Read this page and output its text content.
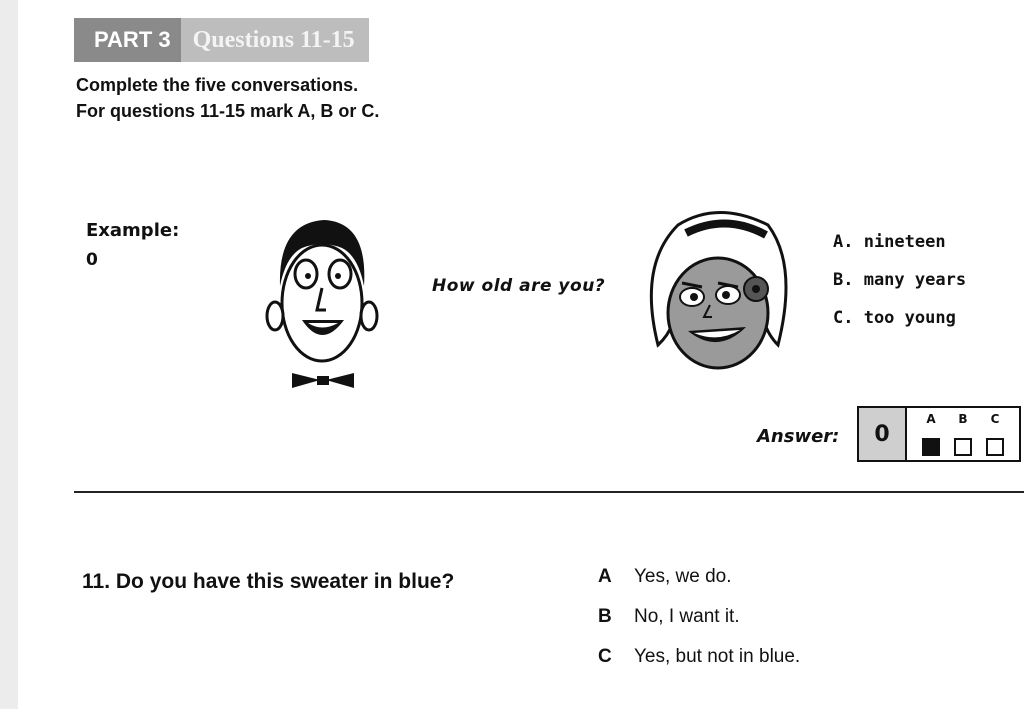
PART 3 Questions 11-15
Complete the five conversations.
For questions 11-15 mark A, B or C.
Example:
0
How old are you?
A. nineteen
B. many years
C. too young
Answer:	0
A B C
11. Do you have this sweater in blue?	A	Yes, we do.
B	No, I want it.
C	Yes, but not in blue.
